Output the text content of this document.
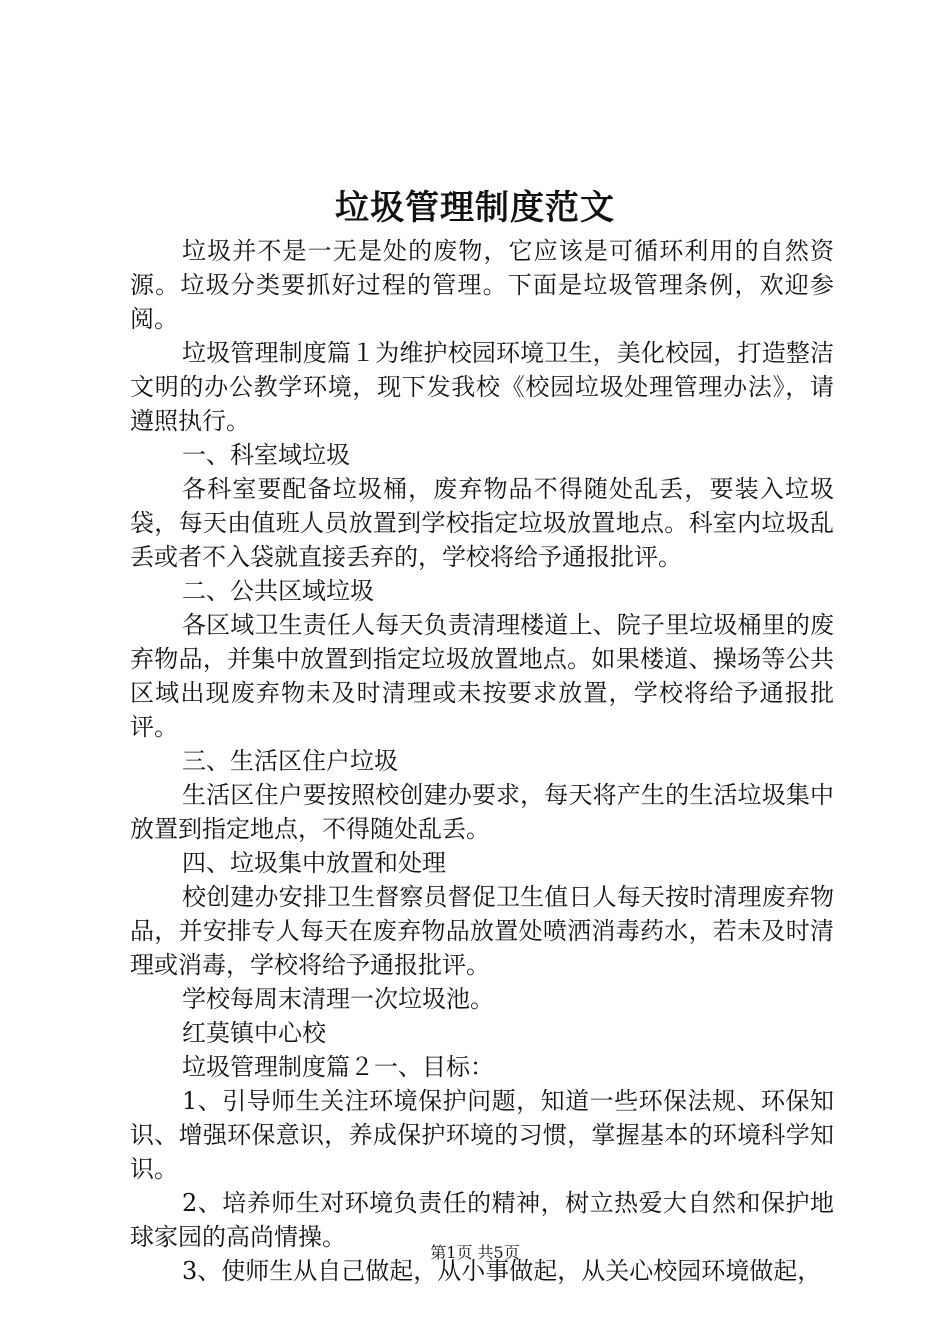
垃圾管理制度范文

垃圾并不是一无是处的废物，它应该是可循环利用的自然资源。垃圾分类要抓好过程的管理。下面是垃圾管理条例，欢迎参阅。

垃圾管理制度篇１为维护校园环境卫生，美化校园，打造整洁文明的办公教学环境，现下发我校《校园垃圾处理管理办法》，请遵照执行。

一、科室域垃圾

各科室要配备垃圾桶，废弃物品不得随处乱丢，要装入垃圾袋，每天由值班人员放置到学校指定垃圾放置地点。科室内垃圾乱丢或者不入袋就直接丢弃的，学校将给予通报批评。

二、公共区域垃圾

各区域卫生责任人每天负责清理楼道上、院子里垃圾桶里的废弃物品，并集中放置到指定垃圾放置地点。如果楼道、操场等公共区域出现废弃物未及时清理或未按要求放置，学校将给予通报批评。

三、生活区住户垃圾

生活区住户要按照校创建办要求，每天将产生的生活垃圾集中放置到指定地点，不得随处乱丢。

四、垃圾集中放置和处理

校创建办安排卫生督察员督促卫生值日人每天按时清理废弃物品，并安排专人每天在废弃物品放置处喷洒消毒药水，若未及时清理或消毒，学校将给予通报批评。

学校每周末清理一次垃圾池。

红莫镇中心校

垃圾管理制度篇２一、目标：

1、引导师生关注环境保护问题，知道一些环保法规、环保知识、增强环保意识，养成保护环境的习惯，掌握基本的环境科学知识。

2、培养师生对环境负责任的精神，树立热爱大自然和保护地球家园的高尚情操。

3、使师生从自己做起，从小事做起，从关心校园环境做起，

第1页 共5页
